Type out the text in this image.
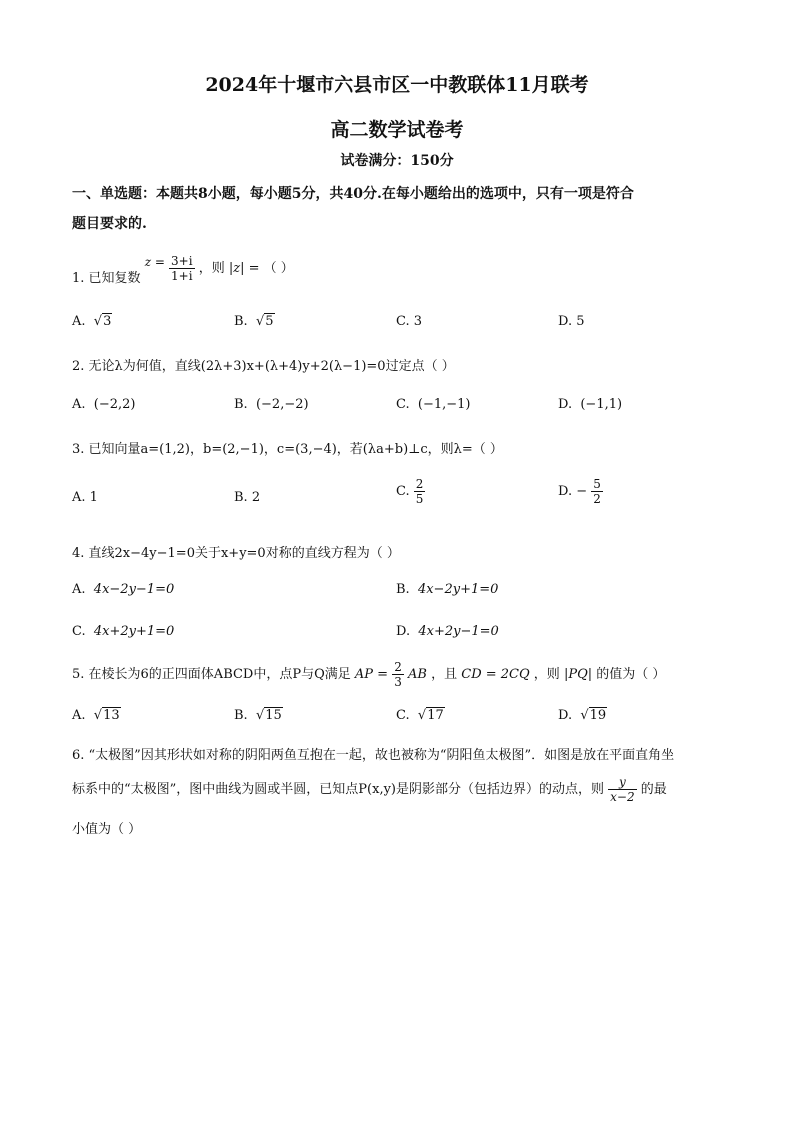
2024年十堰市六县市区一中教联体11月联考
高二数学试卷考
试卷满分：150分
一、单选题：本题共8小题，每小题5分，共40分.在每小题给出的选项中，只有一项是符合
题目要求的.
1. 已知复数 $z = \frac{3+i}{1+i}$ ，则 |z| = （ ）
A.  √3	B.  √5	C. 3	D. 5
2. 无论λ为何值，直线(2λ+3)x+(λ+4)y+2(λ−1)=0过定点（ ）
A. (−2,2)	B. (−2,−2)	C. (−1,−1)	D. (−1,1)
3. 已知向量a=(1,2)，b=(2,−1)，c=(3,−4)，若(λa+b)⊥c，则λ=（ ）
A. 1	B. 2	C. $\frac{2}{5}$	D. − $\frac{5}{2}$
4. 直线2x−4y−1=0关于x+y=0对称的直线方程为（ ）
A. 4x−2y−1=0	B. 4x−2y+1=0
C. 4x+2y+1=0	D. 4x+2y−1=0
5. 在棱长为6的正四面体ABCD中，点P与Q满足 AP = $\frac{2}{3}$ AB ，且 CD = 2CQ ，则 |PQ| 的值为（ ）
A.  √13	B.  √15	C.  √17	D.  √19
6. “太极图”因其形状如对称的阴阳两鱼互抱在一起，故也被称为“阴阳鱼太极图”．如图是放在平面直角坐
标系中的“太极图”，图中曲线为圆或半圆，已知点P(x,y)是阴影部分（包括边界）的动点，则 $\frac{y}{x-2}$ 的最
小值为（ ）
